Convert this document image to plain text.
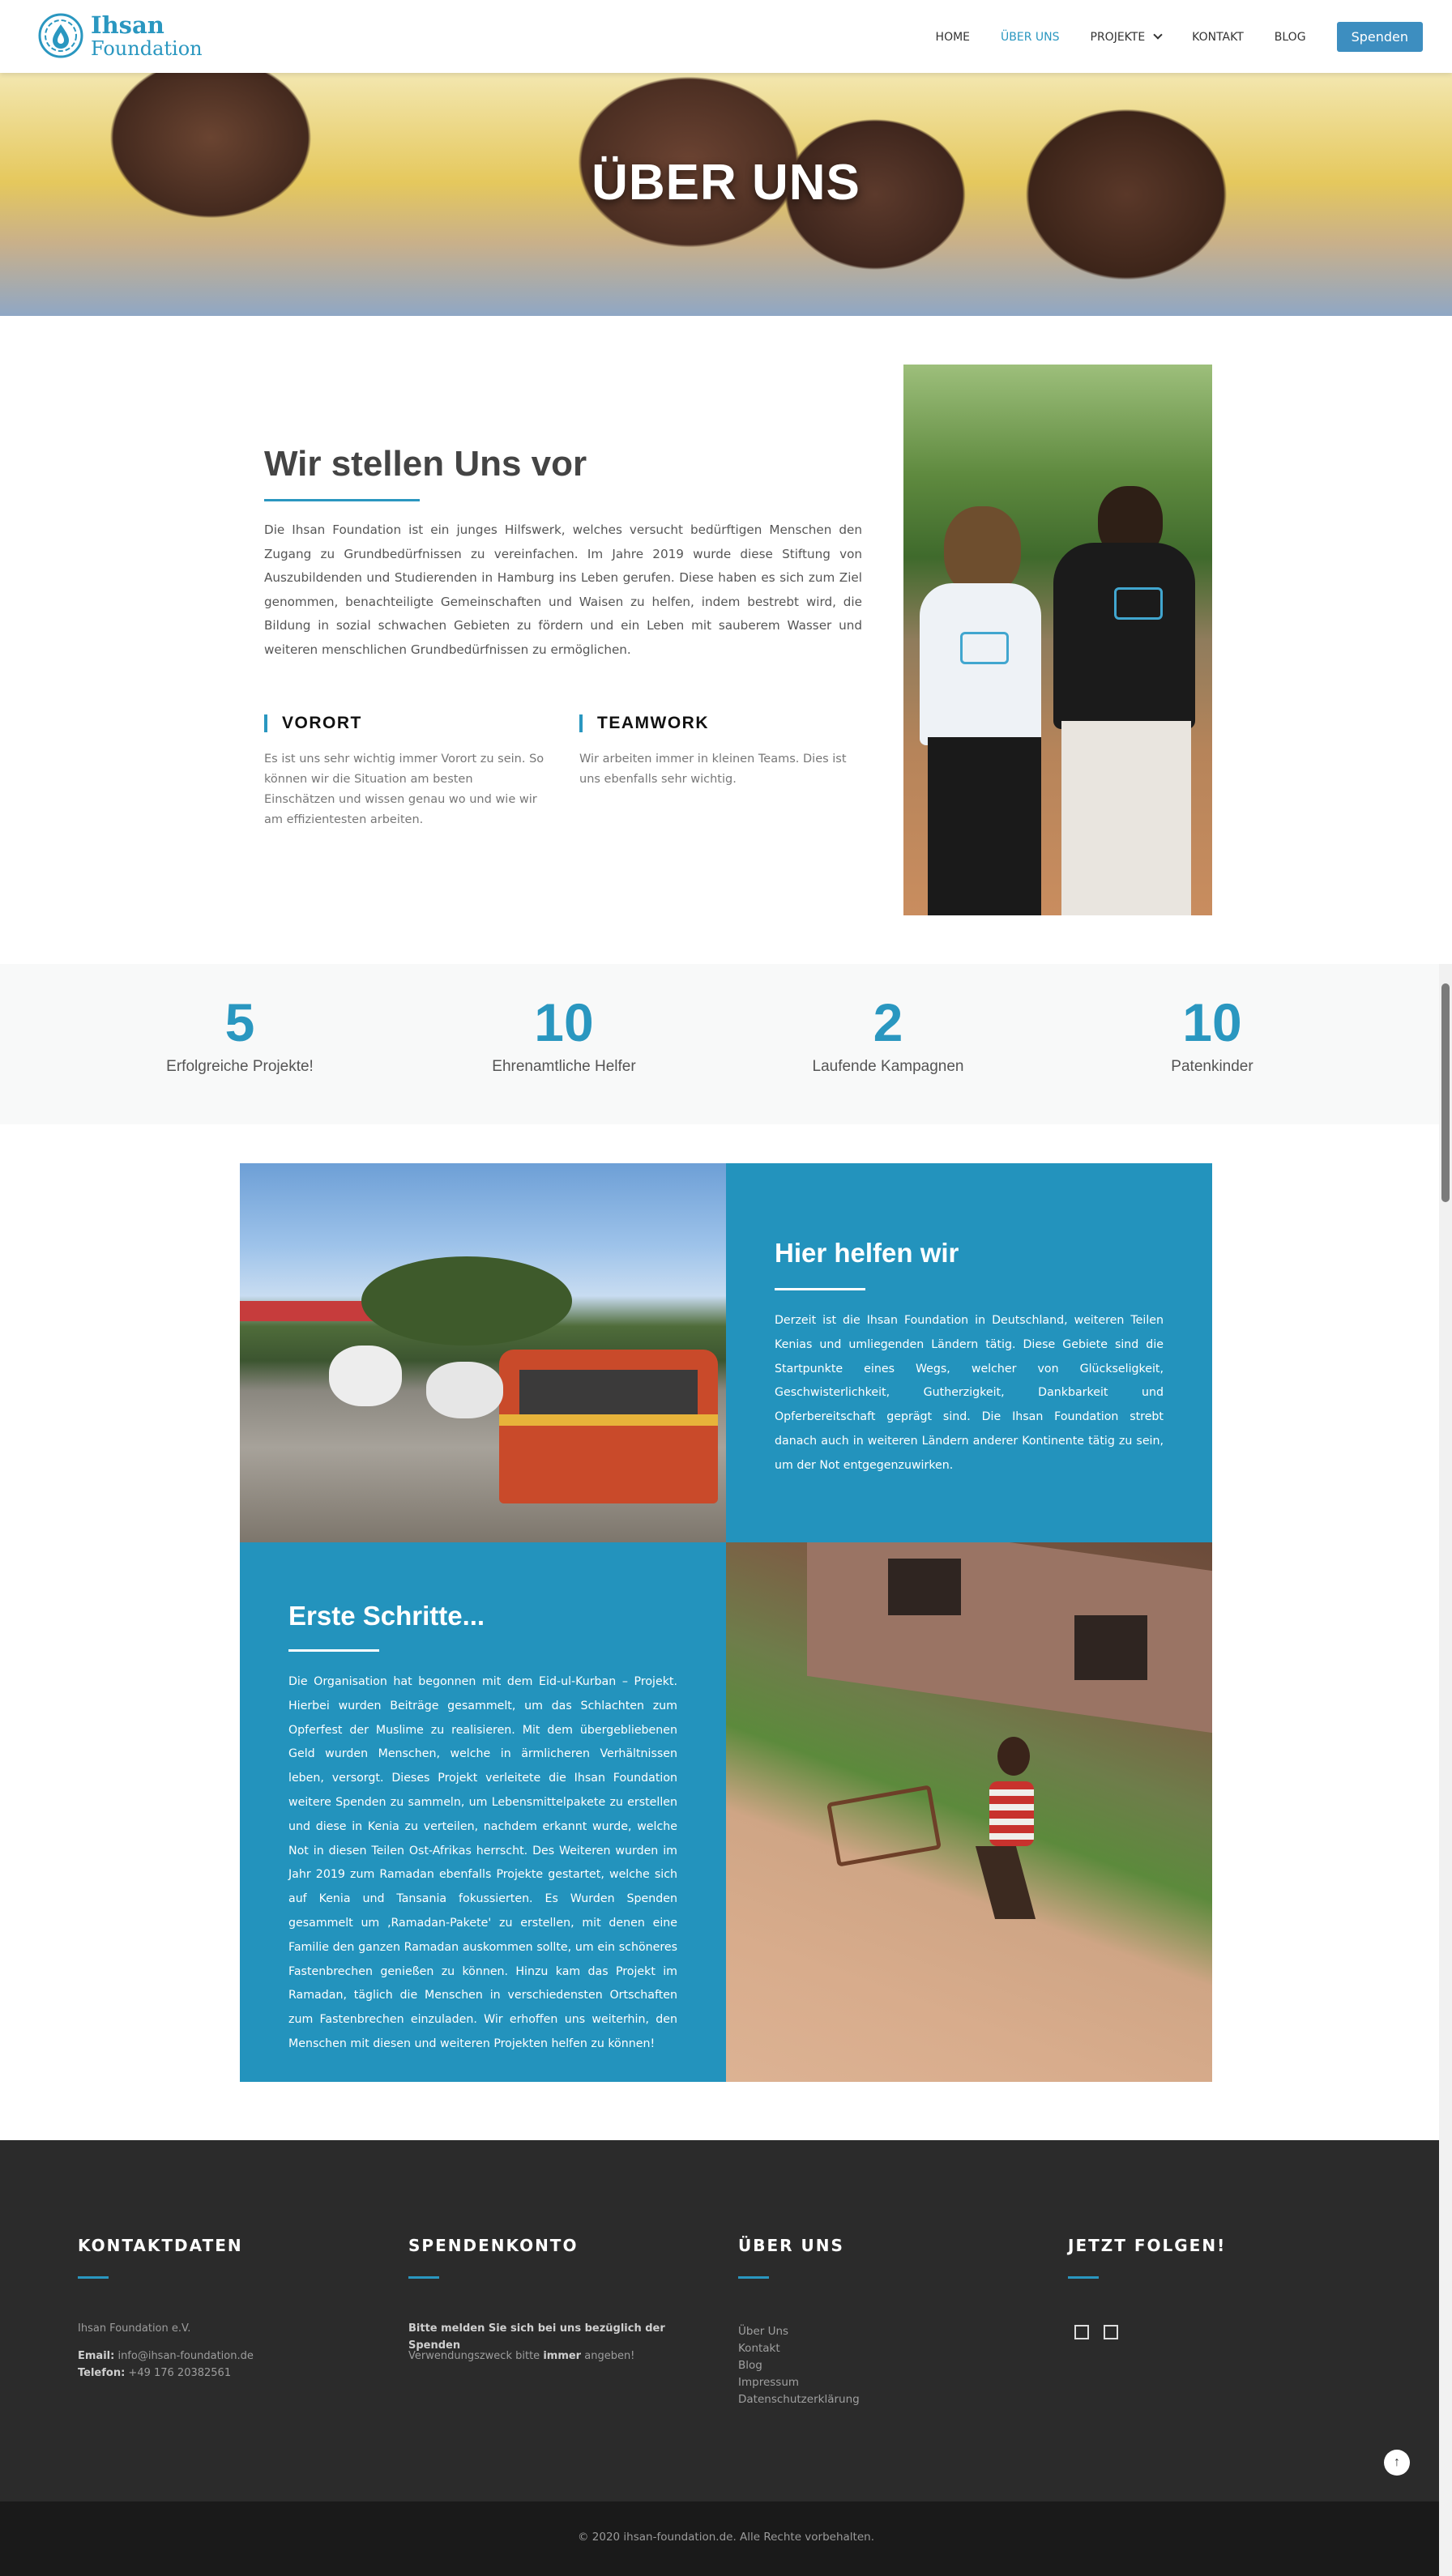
Ihsan
Foundation	HOME	ÜBER UNS	PROJEKTE	KONTAKT	BLOG	Spenden
ÜBER UNS
Wir stellen Uns vor
Die Ihsan Foundation ist ein junges Hilfswerk, welches versucht bedürftigen Menschen den Zugang zu Grundbedürfnissen zu vereinfachen. Im Jahre 2019 wurde diese Stiftung von Auszubildenden und Studierenden in Hamburg ins Leben gerufen. Diese haben es sich zum Ziel genommen, benachteiligte Gemeinschaften und Waisen zu helfen, indem bestrebt wird, die Bildung in sozial schwachen Gebieten zu fördern und ein Leben mit sauberem Wasser und weiteren menschlichen Grundbedürfnissen zu ermöglichen.
VORORT
Es ist uns sehr wichtig immer Vorort zu sein. So können wir die Situation am besten Einschätzen und wissen genau wo und wie wir am effizientesten arbeiten.
TEAMWORK
Wir arbeiten immer in kleinen Teams. Dies ist uns ebenfalls sehr wichtig.
5
Erfolgreiche Projekte!
10
Ehrenamtliche Helfer
2
Laufende Kampagnen
10
Patenkinder
Hier helfen wir
Derzeit ist die Ihsan Foundation in Deutschland, weiteren Teilen Kenias und umliegenden Ländern tätig. Diese Gebiete sind die Startpunkte eines Wegs, welcher von Glückseligkeit, Geschwisterlichkeit, Gutherzigkeit, Dankbarkeit und Opferbereitschaft geprägt sind. Die Ihsan Foundation strebt danach auch in weiteren Ländern anderer Kontinente tätig zu sein, um der Not entgegenzuwirken.
Erste Schritte...
Die Organisation hat begonnen mit dem Eid-ul-Kurban – Projekt. Hierbei wurden Beiträge gesammelt, um das Schlachten zum Opferfest der Muslime zu realisieren. Mit dem übergebliebenen Geld wurden Menschen, welche in ärmlicheren Verhältnissen leben, versorgt. Dieses Projekt verleitete die Ihsan Foundation weitere Spenden zu sammeln, um Lebensmittelpakete zu erstellen und diese in Kenia zu verteilen, nachdem erkannt wurde, welche Not in diesen Teilen Ost-Afrikas herrscht. Des Weiteren wurden im Jahr 2019 zum Ramadan ebenfalls Projekte gestartet, welche sich auf Kenia und Tansania fokussierten. Es Wurden Spenden gesammelt um ‚Ramadan-Pakete' zu erstellen, mit denen eine Familie den ganzen Ramadan auskommen sollte, um ein schöneres Fastenbrechen genießen zu können. Hinzu kam das Projekt im Ramadan, täglich die Menschen in verschiedensten Ortschaften zum Fastenbrechen einzuladen. Wir erhoffen uns weiterhin, den Menschen mit diesen und weiteren Projekten helfen zu können!
KONTAKTDATEN
Ihsan Foundation e.V.
Email: info@ihsan-foundation.de
Telefon: +49 176 20382561
SPENDENKONTO
Bitte melden Sie sich bei uns bezüglich der Spenden
Verwendungszweck bitte immer angeben!
ÜBER UNS
Über Uns
Kontakt
Blog
Impressum
Datenschutzerklärung
JETZT FOLGEN!
↑
© 2020 ihsan-foundation.de. Alle Rechte vorbehalten.
